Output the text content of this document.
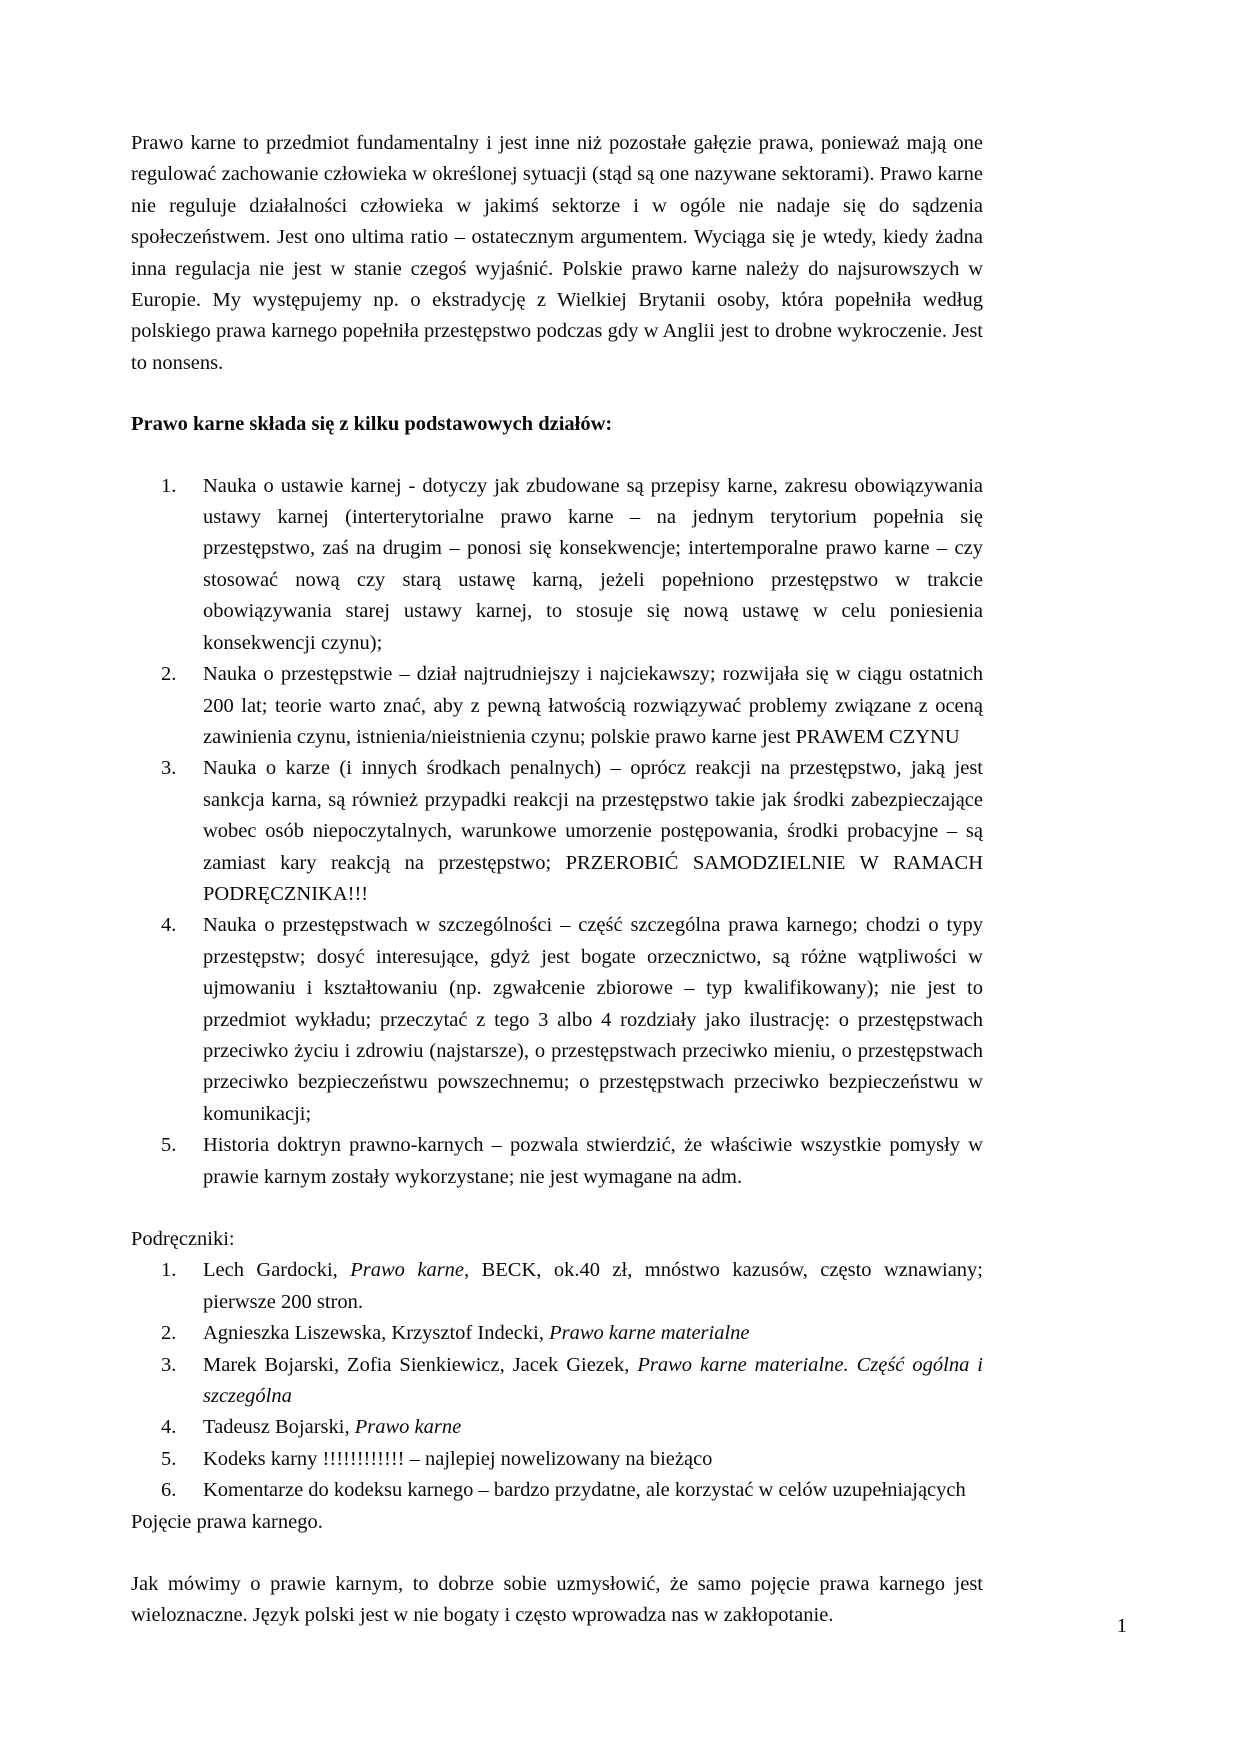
Prawo karne to przedmiot fundamentalny i jest inne niż pozostałe gałęzie prawa, ponieważ mają one regulować zachowanie człowieka w określonej sytuacji (stąd są one nazywane sektorami). Prawo karne nie reguluje działalności człowieka w jakimś sektorze i w ogóle nie nadaje się do sądzenia społeczeństwem. Jest ono ultima ratio – ostatecznym argumentem. Wyciąga się je wtedy, kiedy żadna inna regulacja nie jest w stanie czegoś wyjaśnić. Polskie prawo karne należy do najsurowszych w Europie. My występujemy np. o ekstradycję z Wielkiej Brytanii osoby, która popełniła według polskiego prawa karnego popełniła przestępstwo podczas gdy w Anglii jest to drobne wykroczenie. Jest to nonsens.

Prawo karne składa się z kilku podstawowych działów:

Nauka o ustawie karnej - dotyczy jak zbudowane są przepisy karne, zakresu obowiązywania ustawy karnej (interterytorialne prawo karne – na jednym terytorium popełnia się przestępstwo, zaś na drugim – ponosi się konsekwencje; intertemporalne prawo karne – czy stosować nową czy starą ustawę karną, jeżeli popełniono przestępstwo w trakcie obowiązywania starej ustawy karnej, to stosuje się nową ustawę w celu poniesienia konsekwencji czynu);
Nauka o przestępstwie – dział najtrudniejszy i najciekawszy; rozwijała się w ciągu ostatnich 200 lat; teorie warto znać, aby z pewną łatwością rozwiązywać problemy związane z oceną zawinienia czynu, istnienia/nieistnienia czynu; polskie prawo karne jest PRAWEM CZYNU
Nauka o karze (i innych środkach penalnych) – oprócz reakcji na przestępstwo, jaką jest sankcja karna, są również przypadki reakcji na przestępstwo takie jak środki zabezpieczające wobec osób niepoczytalnych, warunkowe umorzenie postępowania, środki probacyjne – są zamiast kary reakcją na przestępstwo; PRZEROBIĆ SAMODZIELNIE W RAMACH PODRĘCZNIKA!!!
Nauka o przestępstwach w szczególności – część szczególna prawa karnego; chodzi o typy przestępstw; dosyć interesujące, gdyż jest bogate orzecznictwo, są różne wątpliwości w ujmowaniu i kształtowaniu (np. zgwałcenie zbiorowe – typ kwalifikowany); nie jest to przedmiot wykładu; przeczytać z tego 3 albo 4 rozdziały jako ilustrację: o przestępstwach przeciwko życiu i zdrowiu (najstarsze), o przestępstwach przeciwko mieniu, o przestępstwach przeciwko bezpieczeństwu powszechnemu; o przestępstwach przeciwko bezpieczeństwu w komunikacji;
Historia doktryn prawno-karnych – pozwala stwierdzić, że właściwie wszystkie pomysły w prawie karnym zostały wykorzystane; nie jest wymagane na adm.

Podręczniki:

Lech Gardocki, Prawo karne, BECK, ok.40 zł, mnóstwo kazusów, często wznawiany; pierwsze 200 stron.
Agnieszka Liszewska, Krzysztof Indecki, Prawo karne materialne
Marek Bojarski, Zofia Sienkiewicz, Jacek Giezek, Prawo karne materialne. Część ogólna i szczególna
Tadeusz Bojarski, Prawo karne
Kodeks karny !!!!!!!!!!!! – najlepiej nowelizowany na bieżąco
Komentarze do kodeksu karnego – bardzo przydatne, ale korzystać w celów uzupełniających

Pojęcie prawa karnego.

Jak mówimy o prawie karnym, to dobrze sobie uzmysłowić, że samo pojęcie prawa karnego jest wieloznaczne. Język polski jest w nie bogaty i często wprowadza nas w zakłopotanie.	1
